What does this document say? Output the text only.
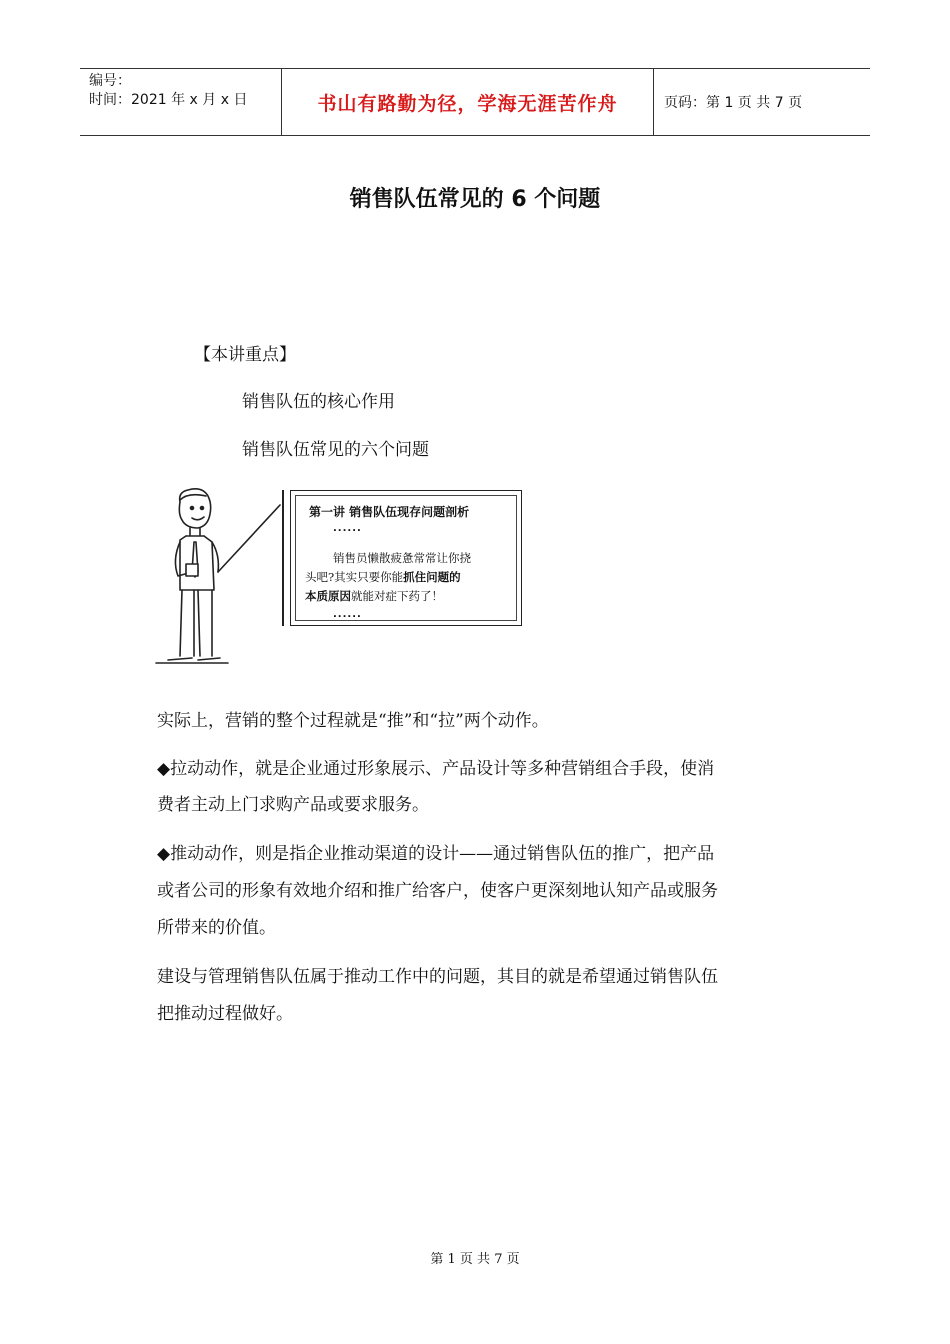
编号：
时间：2021 年 x 月 x 日	书山有路勤为径，学海无涯苦作舟	页码：第 1 页 共 7 页
销售队伍常见的 6 个问题
【本讲重点】
销售队伍的核心作用
销售队伍常见的六个问题
第一讲 销售队伍现存问题剖析
......
销售员懒散疲惫常常让你挠
头吧?其实只要你能抓住问题的
本质原因就能对症下药了！
......
实际上，营销的整个过程就是“推”和“拉”两个动作。
◆拉动动作，就是企业通过形象展示、产品设计等多种营销组合手段，使消
费者主动上门求购产品或要求服务。
◆推动动作，则是指企业推动渠道的设计——通过销售队伍的推广，把产品
或者公司的形象有效地介绍和推广给客户，使客户更深刻地认知产品或服务
所带来的价值。
建设与管理销售队伍属于推动工作中的问题，其目的就是希望通过销售队伍
把推动过程做好。
第 1 页 共 7 页
